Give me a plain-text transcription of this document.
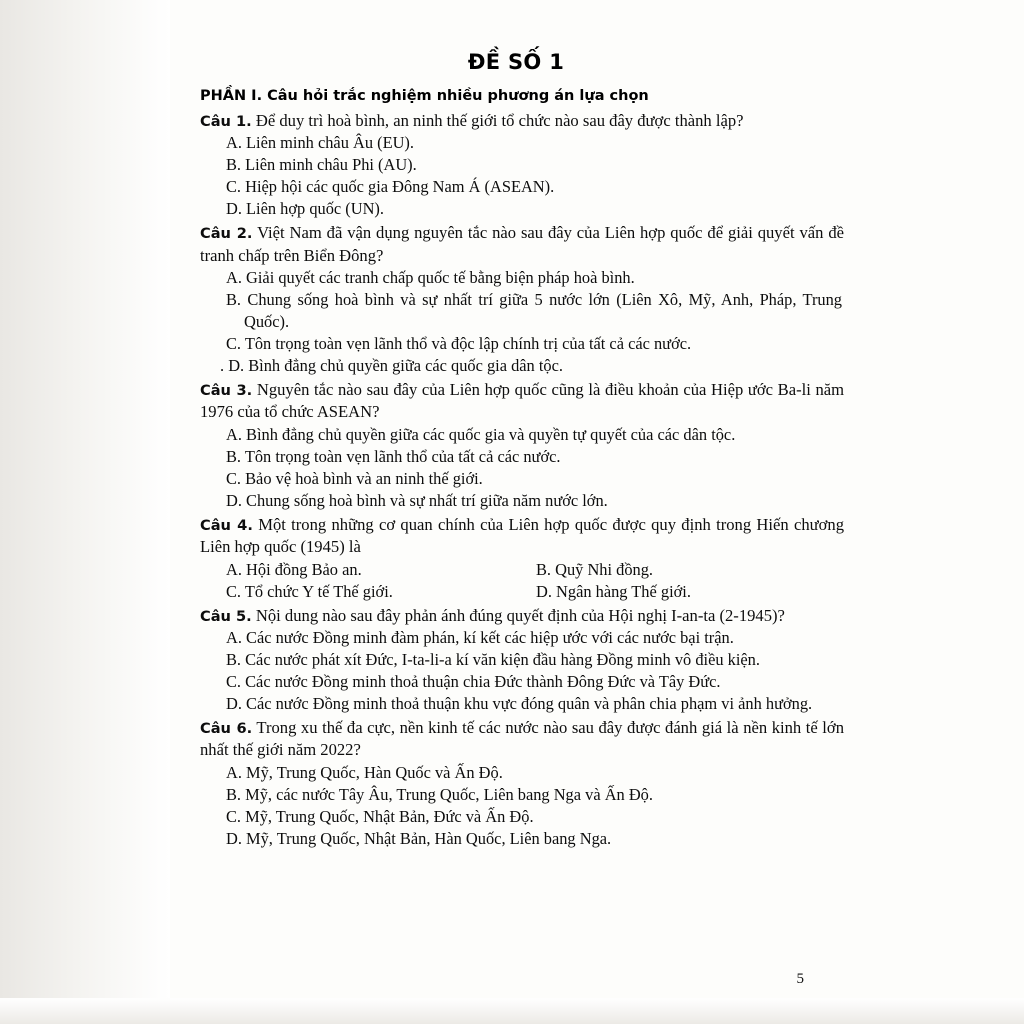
ĐỀ SỐ 1
PHẦN I. Câu hỏi trắc nghiệm nhiều phương án lựa chọn
Câu 1. Để duy trì hoà bình, an ninh thế giới tổ chức nào sau đây được thành lập?
A. Liên minh châu Âu (EU).
B. Liên minh châu Phi (AU).
C. Hiệp hội các quốc gia Đông Nam Á (ASEAN).
D. Liên hợp quốc (UN).
Câu 2. Việt Nam đã vận dụng nguyên tắc nào sau đây của Liên hợp quốc để giải quyết vấn đề tranh chấp trên Biển Đông?
A. Giải quyết các tranh chấp quốc tế bằng biện pháp hoà bình.
B. Chung sống hoà bình và sự nhất trí giữa 5 nước lớn (Liên Xô, Mỹ, Anh, Pháp, Trung Quốc).
C. Tôn trọng toàn vẹn lãnh thổ và độc lập chính trị của tất cả các nước.
. D. Bình đẳng chủ quyền giữa các quốc gia dân tộc.
Câu 3. Nguyên tắc nào sau đây của Liên hợp quốc cũng là điều khoản của Hiệp ước Ba-li năm 1976 của tổ chức ASEAN?
A. Bình đẳng chủ quyền giữa các quốc gia và quyền tự quyết của các dân tộc.
B. Tôn trọng toàn vẹn lãnh thổ của tất cả các nước.
C. Bảo vệ hoà bình và an ninh thế giới.
D. Chung sống hoà bình và sự nhất trí giữa năm nước lớn.
Câu 4. Một trong những cơ quan chính của Liên hợp quốc được quy định trong Hiến chương Liên hợp quốc (1945) là
A. Hội đồng Bảo an.	B. Quỹ Nhi đồng.
C. Tổ chức Y tế Thế giới.	D. Ngân hàng Thế giới.
Câu 5. Nội dung nào sau đây phản ánh đúng quyết định của Hội nghị I-an-ta (2-1945)?
A. Các nước Đồng minh đàm phán, kí kết các hiệp ước với các nước bại trận.
B. Các nước phát xít Đức, I-ta-li-a kí văn kiện đầu hàng Đồng minh vô điều kiện.
C. Các nước Đồng minh thoả thuận chia Đức thành Đông Đức và Tây Đức.
D. Các nước Đồng minh thoả thuận khu vực đóng quân và phân chia phạm vi ảnh hưởng.
Câu 6. Trong xu thế đa cực, nền kinh tế các nước nào sau đây được đánh giá là nền kinh tế lớn nhất thế giới năm 2022?
A. Mỹ, Trung Quốc, Hàn Quốc và Ấn Độ.
B. Mỹ, các nước Tây Âu, Trung Quốc, Liên bang Nga và Ấn Độ.
C. Mỹ, Trung Quốc, Nhật Bản, Đức và Ấn Độ.
D. Mỹ, Trung Quốc, Nhật Bản, Hàn Quốc, Liên bang Nga.
5
